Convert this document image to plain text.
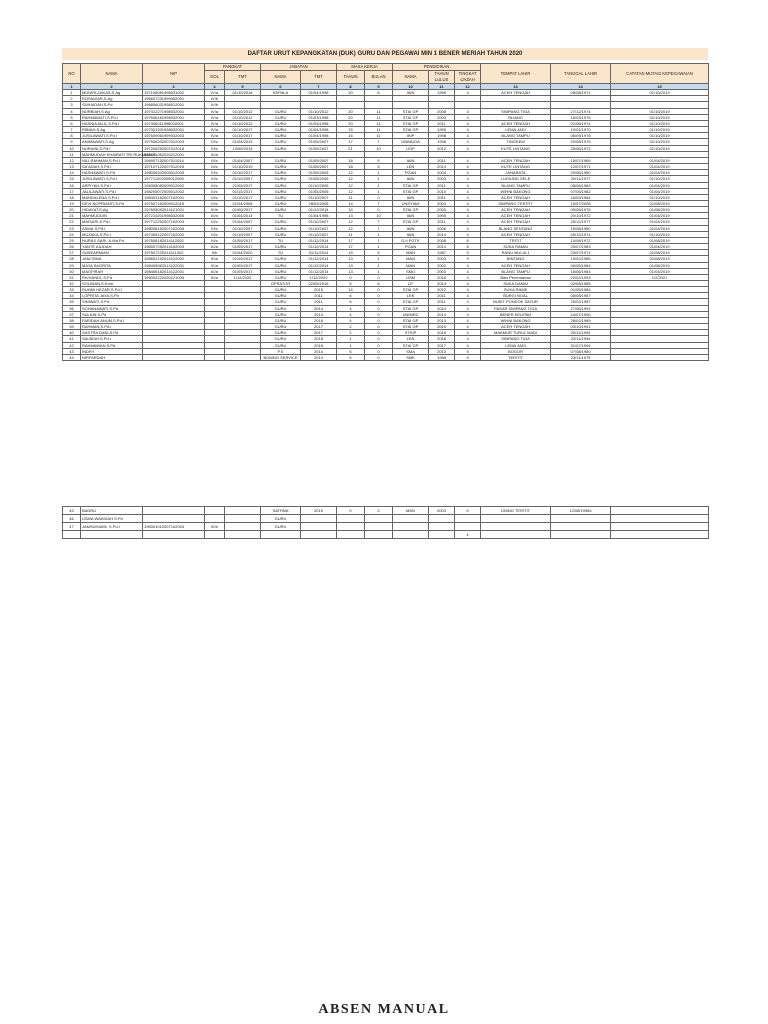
DAFTAR URUT KEPANGKATAN (DUK) GURU DAN PEGAWAI MIN 1 BENER MERIAH TAHUN 2020
NO	NAMA	NIP	PANGKAT		JABATAN		MASA KERJA		PENDIDIKAN			TEMPAT LAHIR	TANGGAL LAHIR	CATATAN MUTASI KEPEGAWAIAN
			GOL	TMT	NAMA	TMT	TAHUN	BULAN	NAMA	TAHUN LULUS	TINGKAT IJAZAH			

1	2	3	4	5	6	7	8	9	10	11	12	13	14	15
1	MUNIRLZAKAS,S.Ag	197108081998031002	IV/a	01/10/2018	KEPALA	01/04/1998	20	6	IAIN	1996	4	ACEH TENGAH	08/08/1971	01/10/2019
2	ROSNIZAR,S.Ag	196607231999052001	IV/b											
3	SUHAIDAH,S.Pd	196806031998012001	IV/b											
4	NURBIAH,S.Ag	197412271998032001	IV/a	01/10/2012	GURU	01/10/2012	20	11	STAI GP	2008	4	SIMPANG TIGA	27/12/1974	01/10/2019
5	RAHMAWATI,S.Pd.I	197606161998032001	IV/a	01/10/2012	GURU	01/03/1998	20	11	STAI GP	2003	4	BLIANG	16/03/1976	01/10/2019
6	HASNIAJALIL,S.Pd.I	197406011998032001	IV/a	01/10/2012	GURU	01/03/1998	20	11	STAI GP	2011	4	ACEH TENGAH	01/06/1974	01/10/2019
7	RIBIAH,S.Ag	197001201998032001	IV/a	01/10/2017	GURU	01/04/1998	15	11	STAI GP	1995	4	LEMA JADI	10/01/1970	01/10/2019
8	JUSILAWATI,S.Pd.I	197609061999032003	IV/a	01/10/2017	GURU	01/04/1998	16	11	IKIP	1998	4	BLANG TAMPU	06/09/1976	01/10/2019
9	ANIMAWATI,S.Ag	197906202007012003	III/c	01/04/2015	GURU	01/05/2007	17	7	UNIMUDA	1998	4	TINGKEM	20/06/1979	01/10/2019
10	NURAINI,S.Pd.I	197206252007012018	III/c	10/05/2019	GURU	01/05/2007	21	10	UGP	2012	4	KUTE LINTANG	25/06/1972	01/10/2019
11	MAHMUDAH KHAIRATI TRI RUKMIAN,S	198401062020212001	III/a											
12	NILI RAHMAN,S.Pd.I	196907152007011014	III/c	01/04/2007	GURU	01/05/2007	18	5	IAIN	2011	4	ACEH TENGAH	15/07/1969	01/04/2019
13	SA'ADAH,S.Pd.I	197107122007012025	III/c	01/10/2019	GURU	01/05/2007	18	5	LEN	2014	4	KUTE LINTANG	12/07/1971	01/04/2019
14	HASNAWATI,S.Pd	198006202005012009	III/c	01/10/2017	GURU	01/05/2005	12	1	PGAN	2004	4	JANARATA	20/06/1980	01/04/2019
15	JUSILAWATI,S.Pd.I	197711202005012005	III/c	01/10/2007	GURU	01/05/2005	12	1	IAIN	2003	4	LUDIUNG SELE	20/11/1977	01/10/2019
16	ARPIYAH,S.Pd.I	198308082005012002	III/c	21/09/2017	GURU	01/10/2005	12	1	STAI GP	2011	4	BLANG TAMPU	08/08/1983	01/04/2019
17	JALILAWATI,S.Pd.I	198205072005012002	III/c	01/10/2017	GURU	01/05/2005	12	1	STAI GP	2010	4	WIHNI BAKONG	07/05/1982	01/04/2019
18	MAHDALENA,S.Pd.I	198403162007102001	III/c	01/10/2017	GURU	01/10/2007	11	0	IAIN	2011	4	ACEH TENGAH	16/03/1984	01/10/2019
19	DEVI NOPRIANTI,S.Pd	197907152005012015	III/c	01/04/2008	GURU	28/03/2005	14	7	UNSYIAH	2003	4	SIMPANG TERITIT	15/07/2008	01/08/2019
20	HIDAYAT,S.Ag	197605092014121001	III/b	01/09/2017	GURU	01/12/2014	14	0	STAI GP	2000	4	ACEH TENGAH	09/05/1976	01/08/2019
21	MAHMUDDIN	197210201998032005	III/d	01/04/2014	TU	01/04/1998	13	10	IAIN	1995	4	ACEH TENGAH	20/10/1972	01/04/2019
22	MAISARI,S.Pd.I	197712252007102003	III/c	01/04/2007	GURU	01/10/2007	12	7	STAI GP	2011	4	ACEH TENGAH	25/12/1977	01/04/2019
23	ASMA,S.Pd.I	198008152007102005	III/c	01/10/2007	GURU	01/10/2007	12	7	IAIN	2006	4	BLANG SENTANG	15/08/1980	01/04/2019
24	MUZAKA,S.Pd.I	197405122007102002	III/c	01/10/2007	GURU	01/10/2007	11	1	IAIN	2014	4	ACEH TENGAH	05/12/1974	01/10/2019
25	NURAS SARI, A.Ma.Pd	197608182014112002	III/c	01/09/2017	TU	01/12/2014	17	1	D.II PGTK	2008	8	TRITIT	14/08/1972	01/08/2019
26	YANTE AILIDAH	196507252014102003	III/a	01/09/2017	GURU	01/12/2014	17	1	PGAN	2014	8	SUKA RAMAI	25/07/1983	01/04/2019
27	SUNEARMIAN	197507232014111002	II/b	01/04/2020	TU	01/11/2014	15	5	MAN	1987	9	RANU MULIA 1	23/07/1971	01/08/2019
28	JANI ISMA	198602192014122002	III/a	01/09/2017	GURU	01/12/2014	13	1	MAN	2003	9	BINTANG	19/02/1985	01/08/2019
29	MAYA SAGRITA	198405062014122001	III/a	01/09/2017	GURU	01/12/2014	13	1	MAN	2002	4	ACEH TENGAH	06/05/1984	01/08/2019
30	MAGFIRAH	198406182014122001	III/a	01/09/2017	GURU	01/12/2014	13	1	SMU	2003	4	BLANG TAMPU	18/06/1984	01/04/2019
31	RIVHANDI, S.Pd	199002222020121005	III/a	1/12/2020	GURU	1/12/2020	0	0	USM	2016	4	Bies Penentanan	22/02/1993	1/2/2021
32	SOLIMAN,S.Kom				OPRATOR	02/05/2016	5	6	UT	2014	4	SUKA DAMAI	02/08/1985	
33	RUHMI HEZAR,S.Pd.I				GURU	2015	14	0	STAI GP	2012	4	SUKA RAME	01/05/1984	
34	LOPRITA JAYA,S.Pd				GURU	2011	6	0	LEK	2011	4	BURGI NOAL	08/08/1987	
35	SINIWATI,S.Pd				GURU	2011	6	0	STAI GP	2011	4	BUKIT PONDOK SAYUR	25/02/1987	
36	SOHANAWATI,S.Pd				GURU	2014	4	0	STAI GP	2014	4	PASAR SIMPANG TIGA	27/06/1991	
37	SULAIN,S.Pd				GURU	2014	4	0	UNIMED	2014	4	BENER KELIPAH	24/07/1990	
38	FARIDAH ANUM,S.Pd.I				GURU	2016	4	0	STAI GP	2013	4	WIHNI BAKONG	28/02/1989	
39	RAHMAN,S.Pd.I				GURU	2017	2	0	STAI GP	2015	4	ACEH TENGAH	03/10/1991	
40	SASTRA DANI,S.Pd				GURU	2017	2	0	STKIP	2016	4	MAKMUR TURUL MADI	20/11/1994	
41	SALBIAH,S.Pd.I				GURU	2018	1	0	LEN	2018	4	SIMPANG TIGA	22/11/1994	
42	RAHMAWAN,S.Pd				GURU	2018	1	0	STAI GP	2017	4	LEMA JADI	31/07/1994	
43	INDRY				P.S	2014	5	0	SMA	2013	9	BOGOR	07/08/1980	
44	NIRFARDAH				BUNING SERVICE	2014	5	0	SMK	1998	9	TERITIT	23/11/1979	
45	BADRU				SATPAM	2019	0	2	MAN	2003	9	UNING TERITIT	12/08/19984	
46	USMA WAKIDAH S.Pd				GURU									
47	JAMSUHAIMI, S.Pd.I	198301012007102004	III/b		GURU									
											4			
ABSEN MANUAL
